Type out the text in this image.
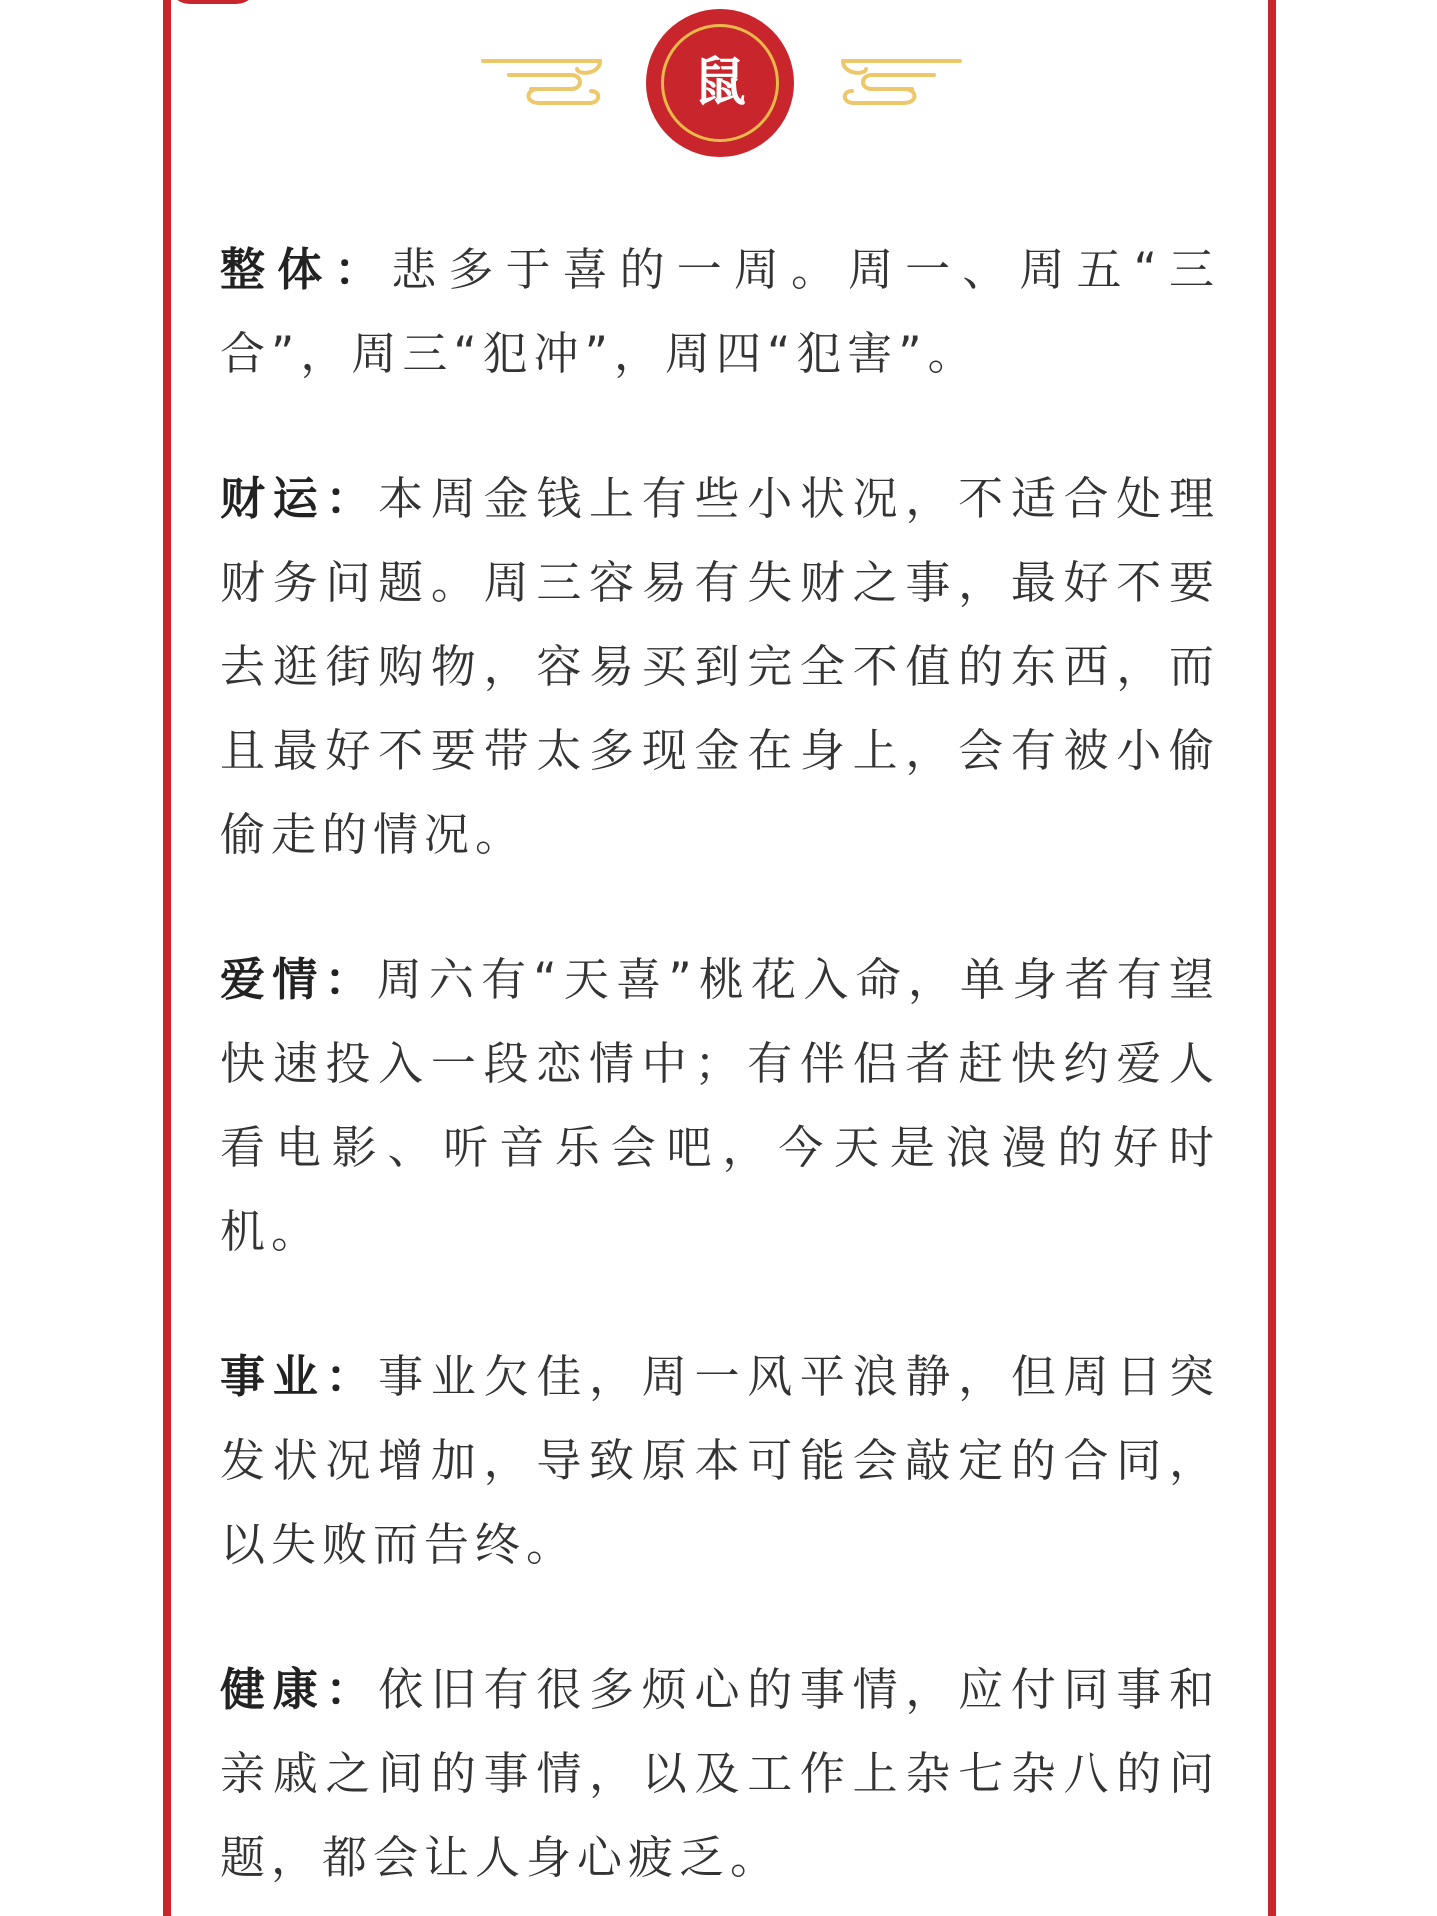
鼠

整体：悲多于喜的一周。周一、周五“三合”，周三“犯冲”，周四“犯害”。

财运：本周金钱上有些小状况，不适合处理财务问题。周三容易有失财之事，最好不要去逛街购物，容易买到完全不值的东西，而且最好不要带太多现金在身上，会有被小偷偷走的情况。

爱情：周六有“天喜”桃花入命，单身者有望快速投入一段恋情中；有伴侣者赶快约爱人看电影、听音乐会吧，今天是浪漫的好时机。

事业：事业欠佳，周一风平浪静，但周日突发状况增加，导致原本可能会敲定的合同，以失败而告终。

健康：依旧有很多烦心的事情，应付同事和亲戚之间的事情，以及工作上杂七杂八的问题，都会让人身心疲乏。
